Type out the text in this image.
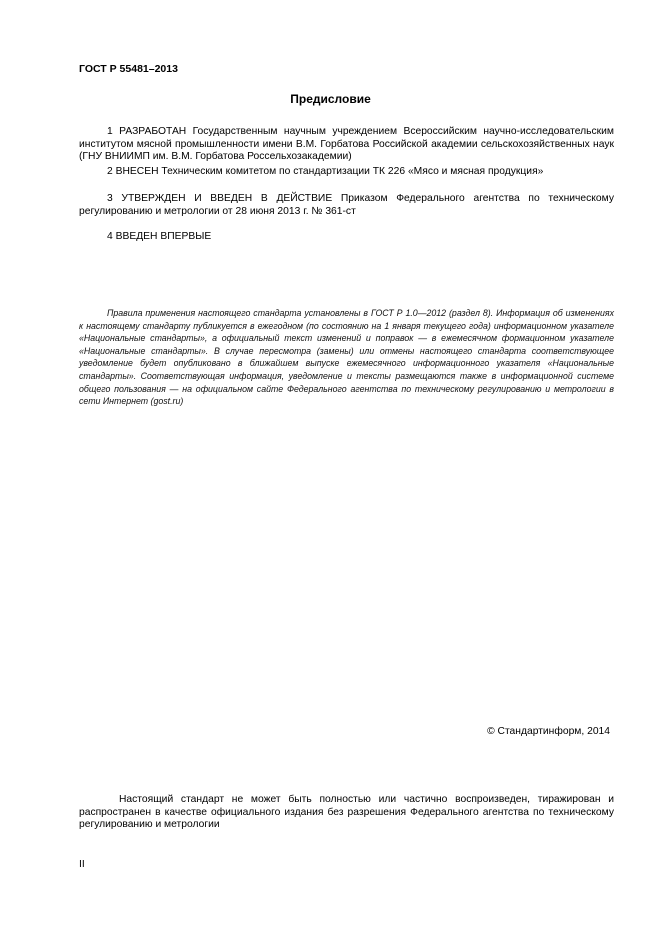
ГОСТ Р 55481–2013
Предисловие
1 РАЗРАБОТАН Государственным научным учреждением Всероссийским научно-исследовательским институтом мясной промышленности имени В.М. Горбатова Российской академии сельскохозяйственных наук (ГНУ ВНИИМП им. В.М. Горбатова Россельхозакадемии)
2 ВНЕСЕН Техническим комитетом по стандартизации ТК 226 «Мясо и мясная продукция»
3 УТВЕРЖДЕН И ВВЕДЕН В ДЕЙСТВИЕ Приказом Федерального агентства по техническому регулированию и метрологии от 28 июня 2013 г. № 361-ст
4 ВВЕДЕН ВПЕРВЫЕ
Правила применения настоящего стандарта установлены в ГОСТ Р 1.0—2012 (раздел 8). Информация об изменениях к настоящему стандарту публикуется в ежегодном (по состоянию на 1 января текущего года) информационном указателе «Национальные стандарты», а официальный текст изменений и поправок — в ежемесячном формационном указателе «Национальные стандарты». В случае пересмотра (замены) или отмены настоящего стандарта соответствующее уведомление будет опубликовано в ближайшем выпуске ежемесячного информационного указателя «Национальные стандарты». Соответствующая информация, уведомление и тексты размещаются также в информационной системе общего пользования — на официальном сайте Федерального агентства по техническому регулированию и метрологии в сети Интернет (gost.ru)
© Стандартинформ, 2014
Настоящий стандарт не может быть полностью или частично воспроизведен, тиражирован и распространен в качестве официального издания без разрешения Федерального агентства по техническому регулированию и метрологии
II
